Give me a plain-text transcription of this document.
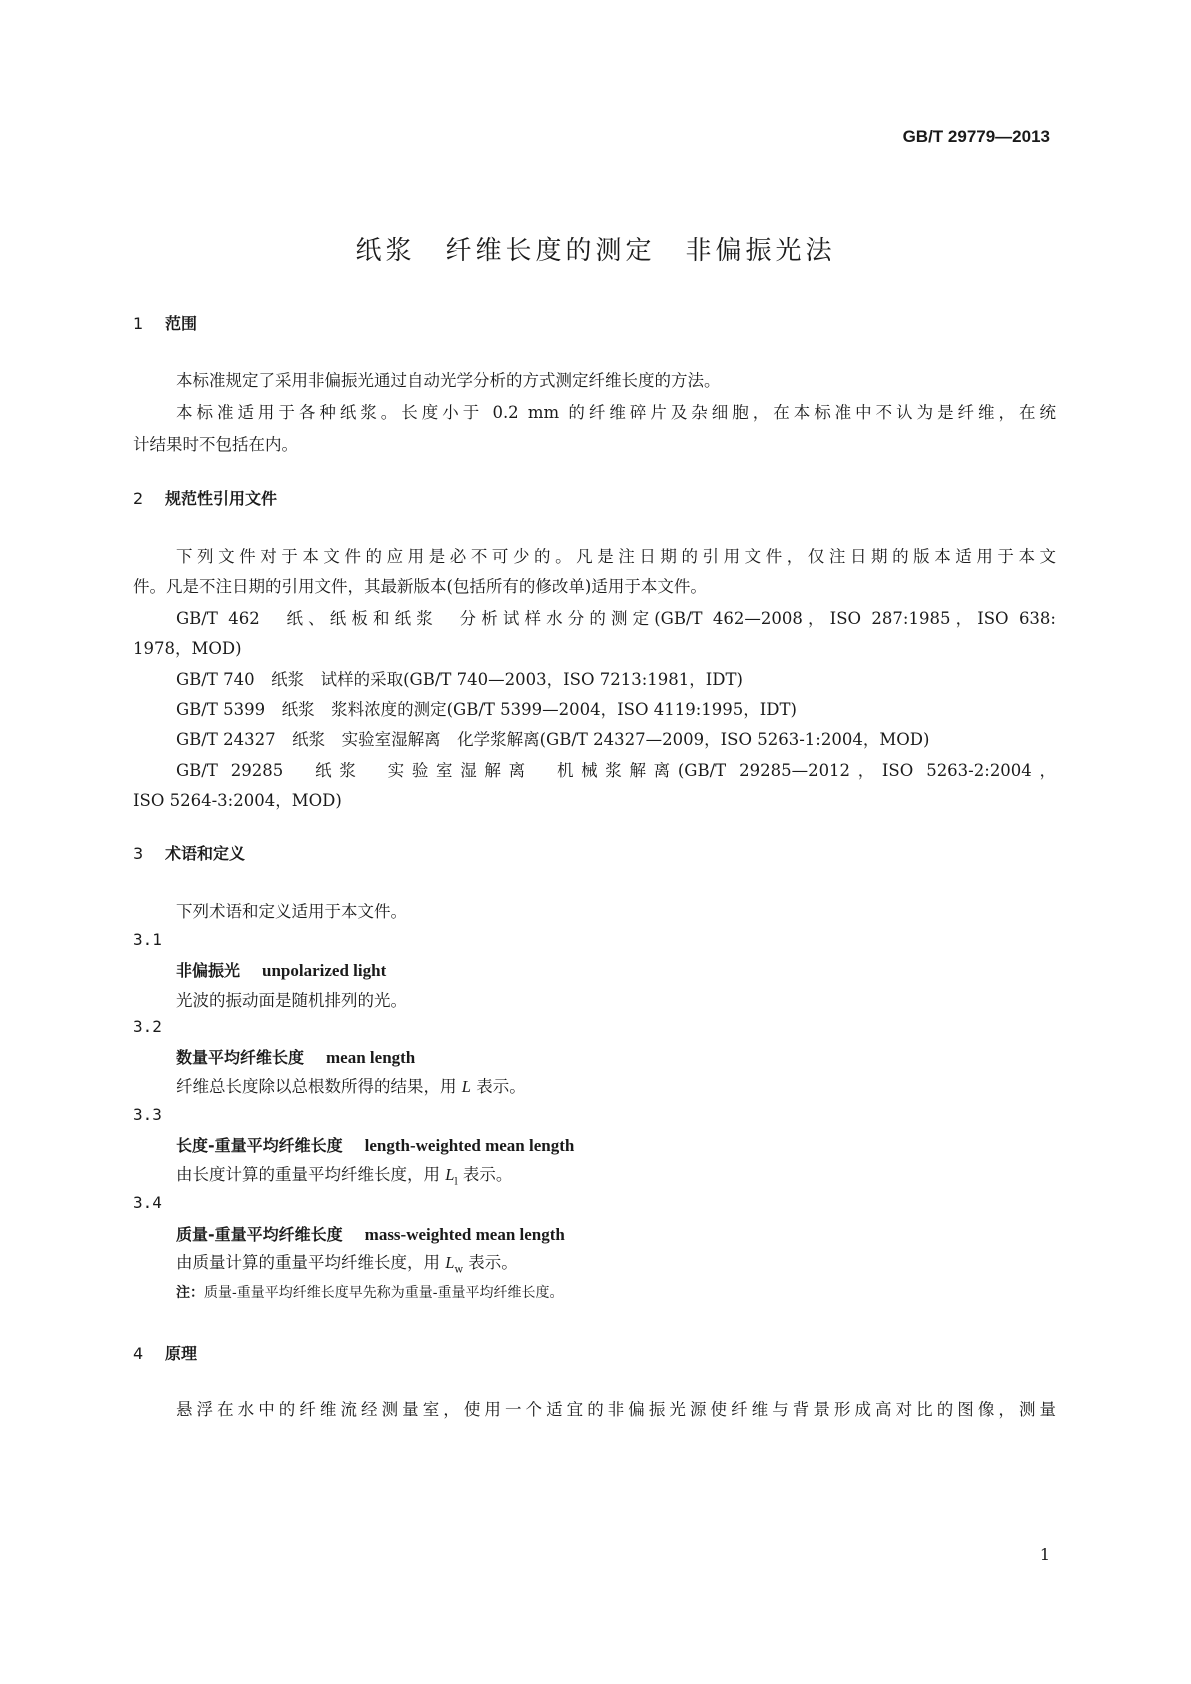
GB/T 29779—2013
纸浆　纤维长度的测定　非偏振光法
1 范围
本标准规定了采用非偏振光通过自动光学分析的方式测定纤维长度的方法。
本标准适用于各种纸浆。长度小于 0.2 mm 的纤维碎片及杂细胞，在本标准中不认为是纤维，在统
计结果时不包括在内。
2 规范性引用文件
下列文件对于本文件的应用是必不可少的。凡是注日期的引用文件，仅注日期的版本适用于本文
件。凡是不注日期的引用文件，其最新版本(包括所有的修改单)适用于本文件。
GB/T 462　纸、纸板和纸浆　分析试样水分的测定(GB/T 462—2008，ISO 287:1985，ISO 638:
1978，MOD)
GB/T 740　纸浆　试样的采取(GB/T 740—2003，ISO 7213:1981，IDT)
GB/T 5399　纸浆　浆料浓度的测定(GB/T 5399—2004，ISO 4119:1995，IDT)
GB/T 24327　纸浆　实验室湿解离　化学浆解离(GB/T 24327—2009，ISO 5263-1:2004，MOD)
GB/T 29285　纸浆　实验室湿解离　机械浆解离(GB/T 29285—2012，ISO 5263-2:2004，
ISO 5264-3:2004，MOD)
3 术语和定义
下列术语和定义适用于本文件。
3.1
非偏振光 unpolarized light
光波的振动面是随机排列的光。
3.2
数量平均纤维长度 mean length
纤维总长度除以总根数所得的结果，用 L 表示。
3.3
长度-重量平均纤维长度 length-weighted mean length
由长度计算的重量平均纤维长度，用 $L_l$ 表示。
3.4
质量-重量平均纤维长度 mass-weighted mean length
由质量计算的重量平均纤维长度，用 $L_w$ 表示。
注：质量-重量平均纤维长度早先称为重量-重量平均纤维长度。
4 原理
悬浮在水中的纤维流经测量室，使用一个适宜的非偏振光源使纤维与背景形成高对比的图像，测量
1
